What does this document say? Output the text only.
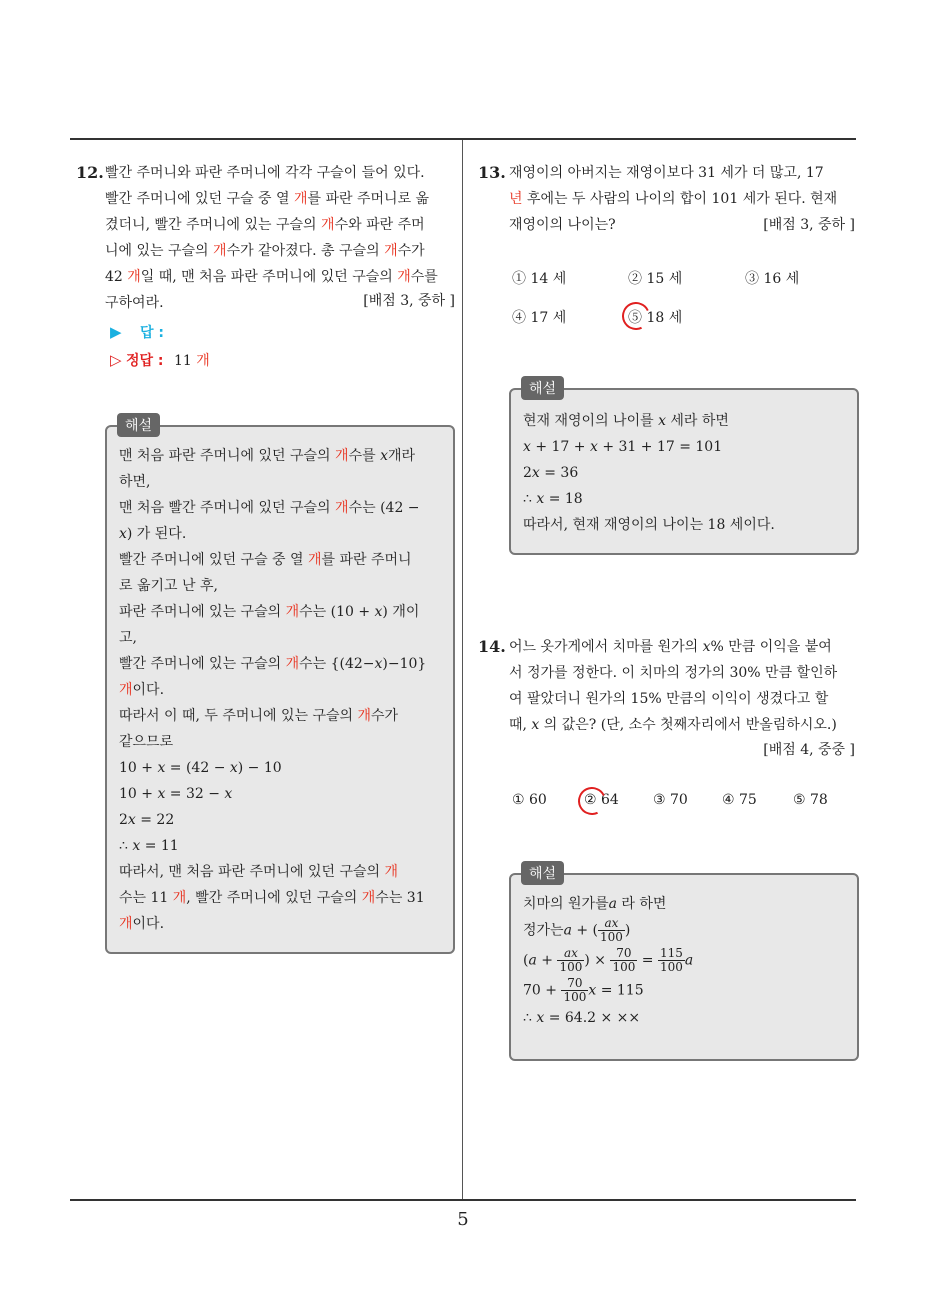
5
12. 빨간 주머니와 파란 주머니에 각각 구슬이 들어 있다.

빨간 주머니에 있던 구슬 중 열 개를 파란 주머니로 옮

겼더니, 빨간 주머니에 있는 구슬의 개수와 파란 주머

니에 있는 구슬의 개수가 같아졌다. 총 구슬의 개수가

42 개일 때, 맨 처음 파란 주머니에 있던 구슬의 개수를

구하여라.	[배점 3, 중하 ]
▶ 답 :
▷ 정답 : 11 개
해설

맨 처음 파란 주머니에 있던 구슬의 개수를 𝑥개라

하면,

맨 처음 빨간 주머니에 있던 구슬의 개수는 (42 −

𝑥) 가 된다.

빨간 주머니에 있던 구슬 중 열 개를 파란 주머니

로 옮기고 난 후,

파란 주머니에 있는 구슬의 개수는 (10 + 𝑥) 개이

고,

빨간 주머니에 있는 구슬의 개수는 {(42−𝑥)−10}

개이다.

따라서 이 때, 두 주머니에 있는 구슬의 개수가

같으므로

10 + 𝑥 = (42 − 𝑥) − 10

10 + 𝑥 = 32 − 𝑥

2𝑥 = 22

∴ 𝑥 = 11

따라서, 맨 처음 파란 주머니에 있던 구슬의 개

수는 11 개, 빨간 주머니에 있던 구슬의 개수는 31

개이다.

13. 재영이의 아버지는 재영이보다 31 세가 더 많고, 17

년 후에는 두 사람의 나이의 합이 101 세가 된다. 현재

재영이의 나이는?	[배점 3, 중하 ]
① 14 세	② 15 세	③ 16 세
④ 17 세	⑤ 18 세
해설

현재 재영이의 나이를 𝑥 세라 하면

𝑥 + 17 + 𝑥 + 31 + 17 = 101

2𝑥 = 36

∴ 𝑥 = 18

따라서, 현재 재영이의 나이는 18 세이다.

14. 어느 옷가게에서 치마를 원가의 𝑥% 만큼 이익을 붙여

서 정가를 정한다. 이 치마의 정가의 30% 만큼 할인하

여 팔았더니 원가의 15% 만큼의 이익이 생겼다고 할

때, 𝑥 의 값은? (단, 소수 첫째자리에서 반올림하시오.)

[배점 4, 중중 ]
① 60	② 64 ③ 70 ④ 75	⑤ 78
해설
치마의 원가를𝑎 라 하면
정가는𝑎 + ( $\frac{\text{𝑎𝑥}}{100}$ )
(𝑎 + $\frac{\text{𝑎𝑥}}{100}$ ) × $\frac{70}{100} = \frac{115}{100}$ 𝑎
$70 + \frac{70}{100}$ 𝑥 = 115
∴ 𝑥 = 64.2 × ××
